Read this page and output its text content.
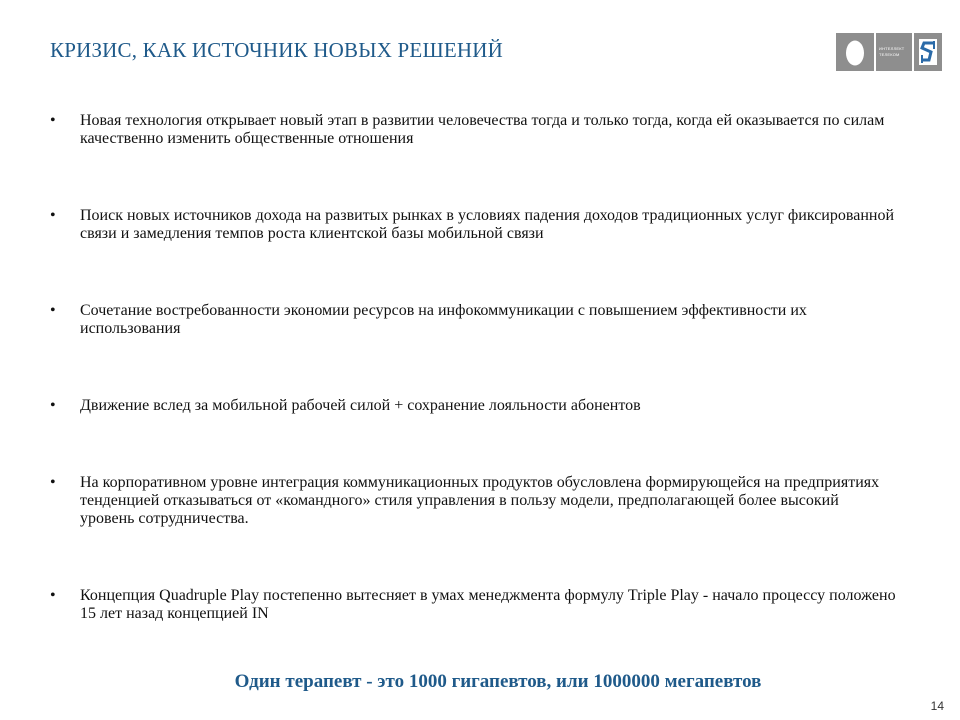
КРИЗИС, КАК ИСТОЧНИК НОВЫХ РЕШЕНИЙ	ИНТЕЛЛЕКТ
ТЕЛЕКОМ
• Новая технология открывает новый этап в развитии человечества тогда и только тогда, когда ей оказывается по силам качественно изменить общественные отношения
• Поиск новых источников дохода на развитых рынках в условиях падения доходов традиционных услуг фиксированной связи и замедления темпов роста клиентской базы мобильной связи
• Сочетание востребованности экономии ресурсов на инфокоммуникации с повышением эффективности их использования
• Движение вслед за мобильной рабочей силой + сохранение лояльности абонентов
• На корпоративном уровне интеграция коммуникационных продуктов обусловлена формирующейся на предприятиях тенденцией отказываться от «командного» стиля управления в пользу модели, предполагающей более высокий уровень сотрудничества.
• Концепция Quadruple Play постепенно вытесняет в умах менеджмента формулу Triple Play - начало процессу положено 15 лет назад концепцией IN
Один терапевт - это 1000 гигапевтов, или 1000000 мегапевтов
14
